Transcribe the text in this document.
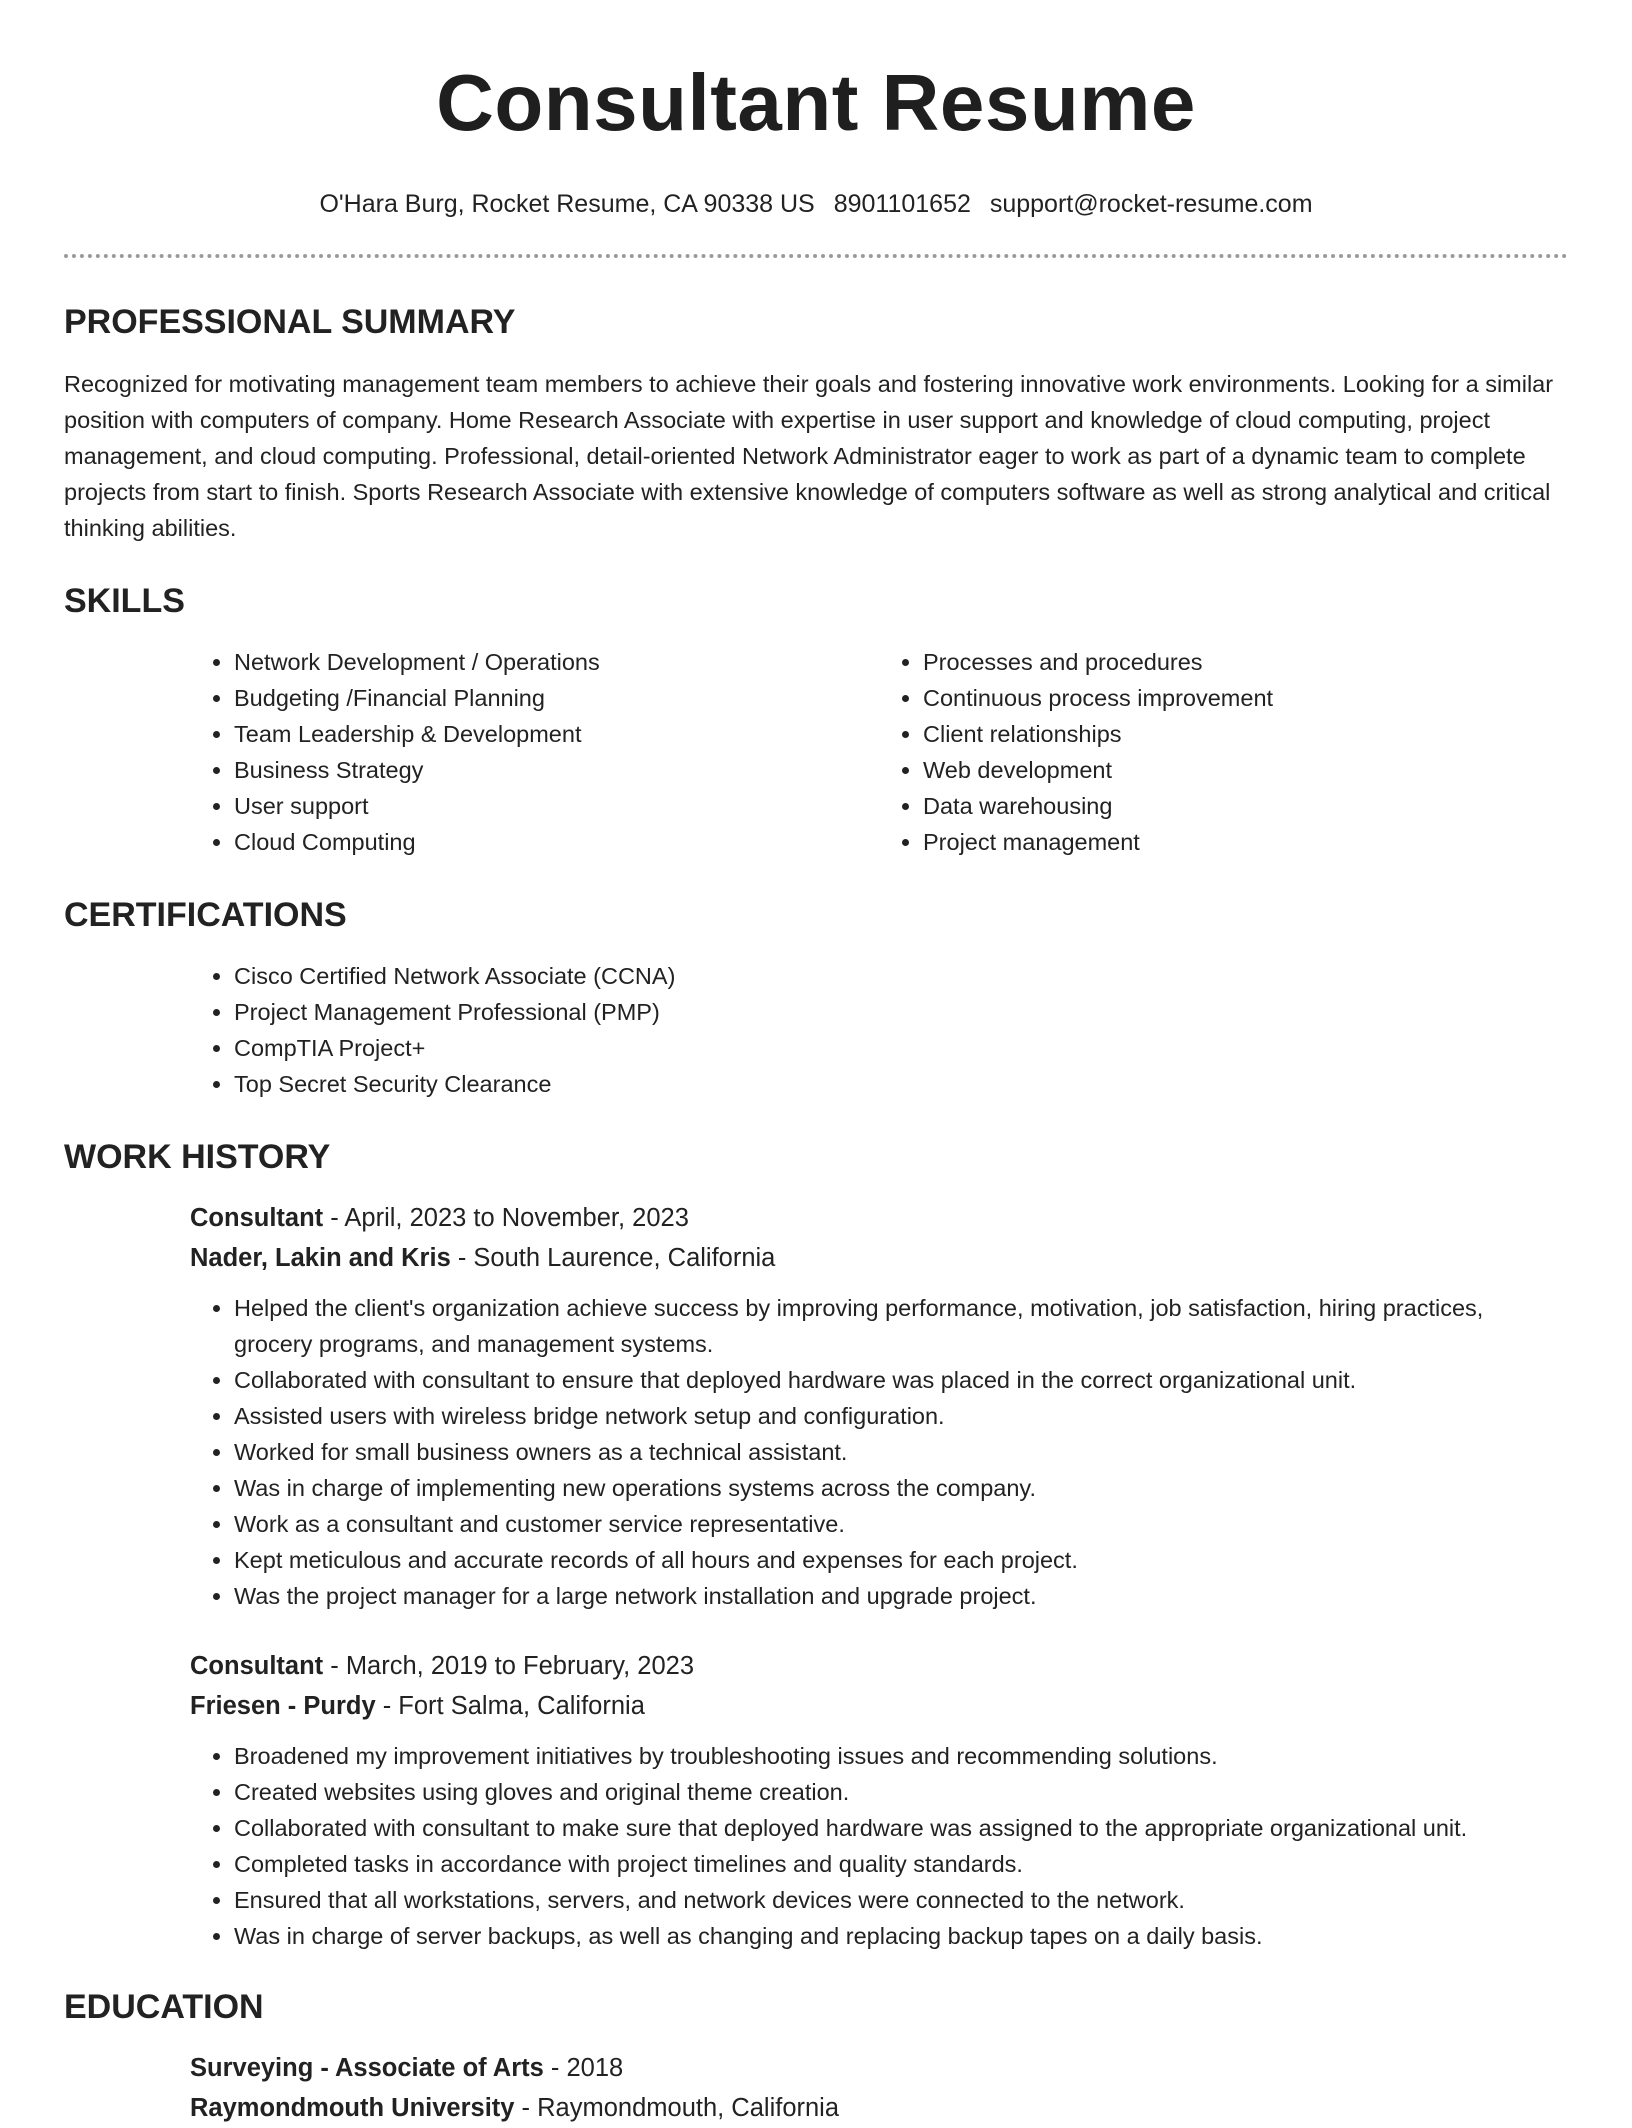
Consultant Resume
O'Hara Burg, Rocket Resume, CA 90338 US 8901101652 support@rocket-resume.com
PROFESSIONAL SUMMARY

Recognized for motivating management team members to achieve their goals and fostering innovative work environments. Looking for a similar position with computers of company. Home Research Associate with expertise in user support and knowledge of cloud computing, project management, and cloud computing. Professional, detail-oriented Network Administrator eager to work as part of a dynamic team to complete projects from start to finish. Sports Research Associate with extensive knowledge of computers software as well as strong analytical and critical thinking abilities.

SKILLS
• Network Development / Operations
• Budgeting /Financial Planning
• Team Leadership & Development
• Business Strategy
• User support
• Cloud Computing
• Processes and procedures
• Continuous process improvement
• Client relationships
• Web development
• Data warehousing
• Project management
CERTIFICATIONS
• Cisco Certified Network Associate (CCNA)
• Project Management Professional (PMP)
• CompTIA Project+
• Top Secret Security Clearance
WORK HISTORY
Consultant - April, 2023 to November, 2023
Nader, Lakin and Kris - South Laurence, California
• Helped the client's organization achieve success by improving performance, motivation, job satisfaction, hiring practices, grocery programs, and management systems.
• Collaborated with consultant to ensure that deployed hardware was placed in the correct organizational unit.
• Assisted users with wireless bridge network setup and configuration.
• Worked for small business owners as a technical assistant.
• Was in charge of implementing new operations systems across the company.
• Work as a consultant and customer service representative.
• Kept meticulous and accurate records of all hours and expenses for each project.
• Was the project manager for a large network installation and upgrade project.
Consultant - March, 2019 to February, 2023
Friesen - Purdy - Fort Salma, California
• Broadened my improvement initiatives by troubleshooting issues and recommending solutions.
• Created websites using gloves and original theme creation.
• Collaborated with consultant to make sure that deployed hardware was assigned to the appropriate organizational unit.
• Completed tasks in accordance with project timelines and quality standards.
• Ensured that all workstations, servers, and network devices were connected to the network.
• Was in charge of server backups, as well as changing and replacing backup tapes on a daily basis.
EDUCATION
Surveying - Associate of Arts - 2018
Raymondmouth University - Raymondmouth, California
